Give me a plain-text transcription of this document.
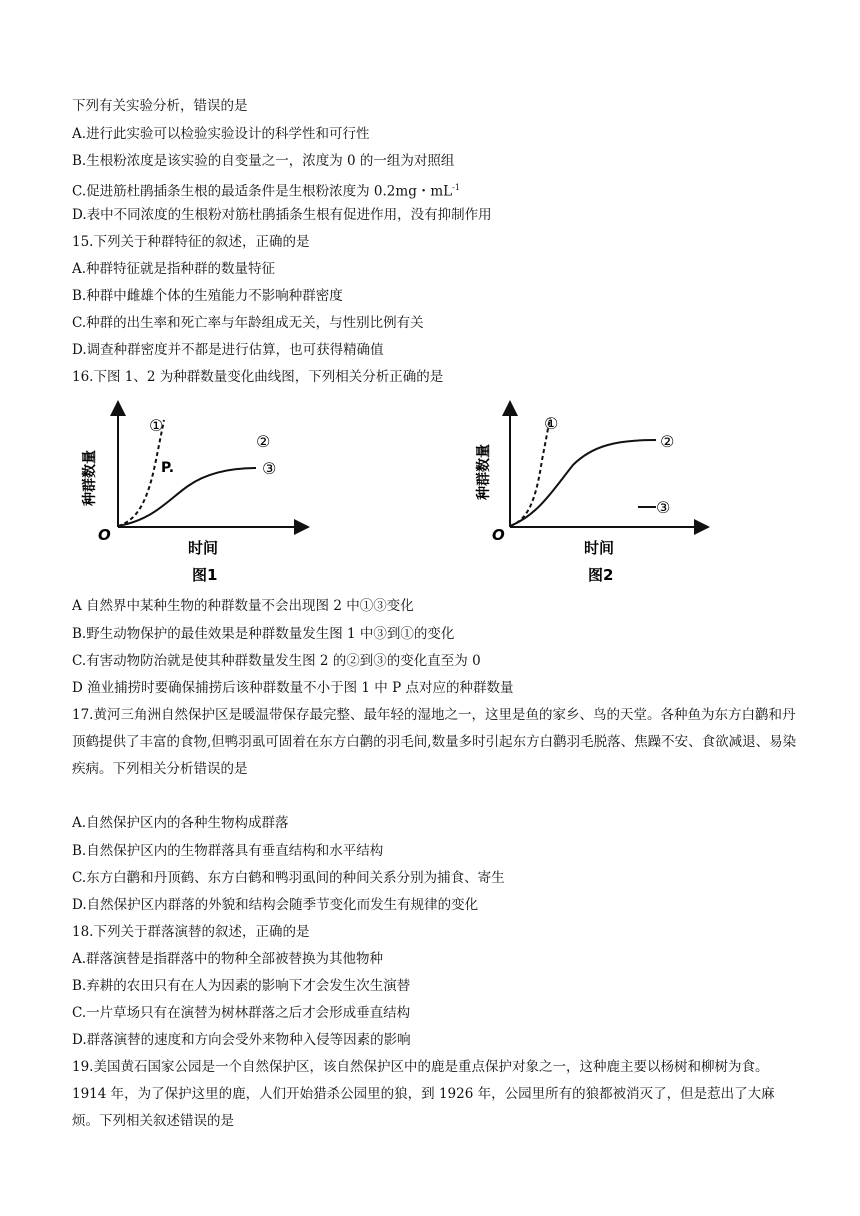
下列有关实验分析，错误的是
A.进行此实验可以检验实验设计的科学性和可行性
B.生根粉浓度是该实验的自变量之一，浓度为 0 的一组为对照组
C.促进筋杜鹃插条生根的最适条件是生根粉浓度为 0.2mg・$mL^{-1}$
D.表中不同浓度的生根粉对筋杜鹃插条生根有促进作用，没有抑制作用
15.下列关于种群特征的叙述，正确的是
A.种群特征就是指种群的数量特征
B.种群中雌雄个体的生殖能力不影响种群密度
C.种群的出生率和死亡率与年龄组成无关，与性别比例有关
D.调查种群密度并不都是进行估算，也可获得精确值
16.下图 1、2 为种群数量变化曲线图，下列相关分析正确的是
种群数量
O
①
②
③
P.
时间
图1
种群数量
O
①
②
③
时间
图2
A 自然界中某种生物的种群数量不会出现图 2 中①③变化
B.野生动物保护的最佳效果是种群数量发生图 1 中③到①的变化
C.有害动物防治就是使其种群数量发生图 2 的②到③的变化直至为 0
D 渔业捕捞时要确保捕捞后该种群数量不小于图 1 中 P 点对应的种群数量
17.黄河三角洲自然保护区是暖温带保存最完整、最年轻的湿地之一，这里是鱼的家乡、鸟的天堂。各种鱼为东方白鹳和丹顶鹤提供了丰富的食物,但鸭羽虱可固着在东方白鹳的羽毛间,数量多时引起东方白鹳羽毛脱落、焦躁不安、食欲减退、易染疾病。下列相关分析错误的是
A.自然保护区内的各种生物构成群落
B.自然保护区内的生物群落具有垂直结构和水平结构
C.东方白鹳和丹顶鹤、东方白鹤和鸭羽虱间的种间关系分别为捕食、寄生
D.自然保护区内群落的外貌和结构会随季节变化而发生有规律的变化
18.下列关于群落演替的叙述，正确的是
A.群落演替是指群落中的物种全部被替换为其他物种
B.弃耕的农田只有在人为因素的影响下才会发生次生演替
C.一片草场只有在演替为树林群落之后才会形成垂直结构
D.群落演替的速度和方向会受外来物种入侵等因素的影响
19.美国黄石国家公园是一个自然保护区，该自然保护区中的鹿是重点保护对象之一，这种鹿主要以杨树和柳树为食。1914 年，为了保护这里的鹿，人们开始猎杀公园里的狼，到 1926 年，公园里所有的狼都被消灭了，但是惹出了大麻烦。下列相关叙述错误的是
